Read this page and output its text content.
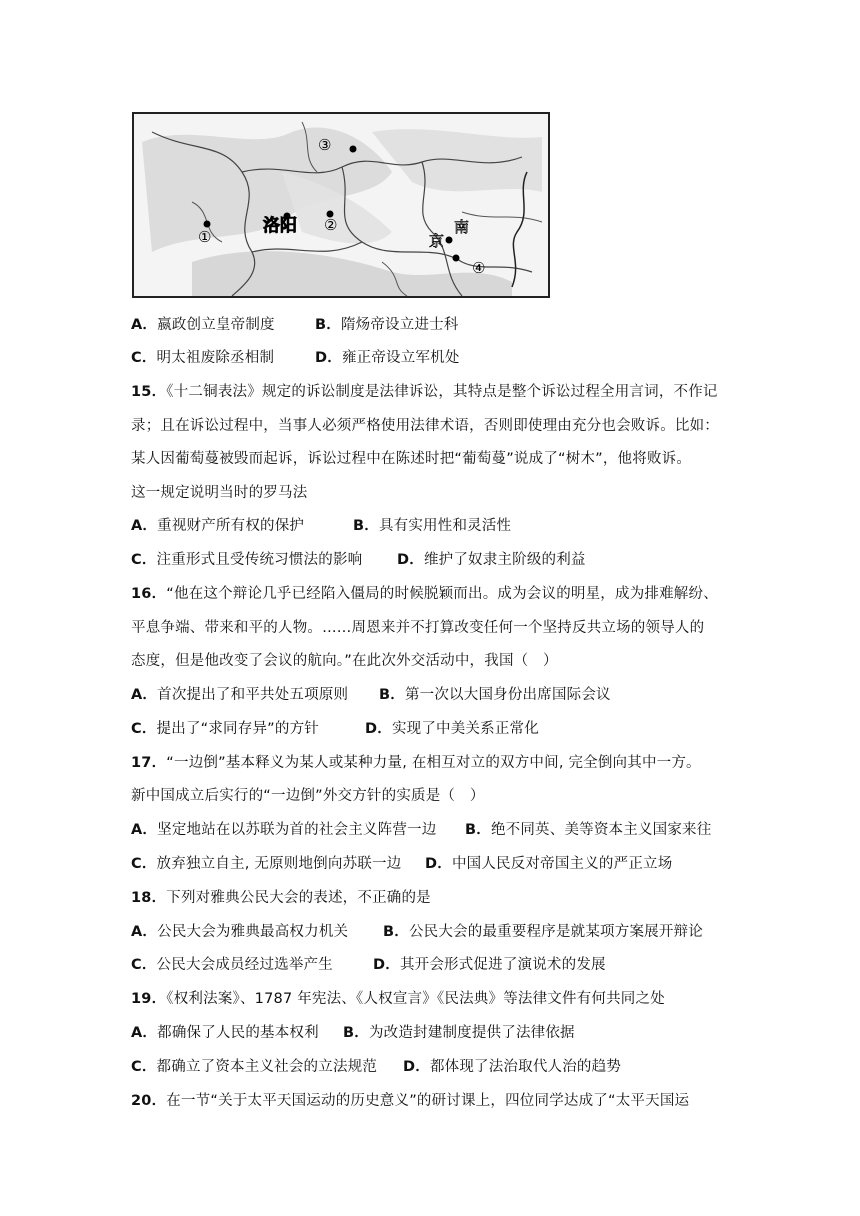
③
①
洛阳 ②	南
京
④
A．嬴政创立皇帝制度	B．隋炀帝设立进士科
C．明太祖废除丞相制	D．雍正帝设立军机处
15．《十二铜表法》规定的诉讼制度是法律诉讼，其特点是整个诉讼过程全用言词，不作记
录；且在诉讼过程中，当事人必须严格使用法律术语，否则即使理由充分也会败诉。比如：
某人因葡萄蔓被毁而起诉，诉讼过程中在陈述时把“葡萄蔓”说成了“树木”，他将败诉。
这一规定说明当时的罗马法
A．重视财产所有权的保护	B．具有实用性和灵活性
C．注重形式且受传统习惯法的影响 D．维护了奴隶主阶级的利益
16．“他在这个辩论几乎已经陷入僵局的时候脱颖而出。成为会议的明星，成为排难解纷、
平息争端、带来和平的人物。……周恩来并不打算改变任何一个坚持反共立场的领导人的
态度，但是他改变了会议的航向。”在此次外交活动中，我国（　）
A．首次提出了和平共处五项原则 B．第一次以大国身份出席国际会议
C．提出了“求同存异”的方针	D．实现了中美关系正常化
17．“一边倒”基本释义为某人或某种力量, 在相互对立的双方中间, 完全倒向其中一方。
新中国成立后实行的“一边倒”外交方针的实质是（　）
A．坚定地站在以苏联为首的社会主义阵营一边 B．绝不同英、美等资本主义国家来往
C．放弃独立自主, 无原则地倒向苏联一边 D．中国人民反对帝国主义的严正立场
18．下列对雅典公民大会的表述，不正确的是
A．公民大会为雅典最高权力机关 B．公民大会的最重要程序是就某项方案展开辩论
C．公民大会成员经过选举产生	D．其开会形式促进了演说术的发展
19．《权利法案》、1787 年宪法、《人权宣言》《民法典》等法律文件有何共同之处
A．都确保了人民的基本权利 B．为改造封建制度提供了法律依据
C．都确立了资本主义社会的立法规范 D．都体现了法治取代人治的趋势
20．在一节“关于太平天国运动的历史意义”的研讨课上，四位同学达成了“太平天国运
